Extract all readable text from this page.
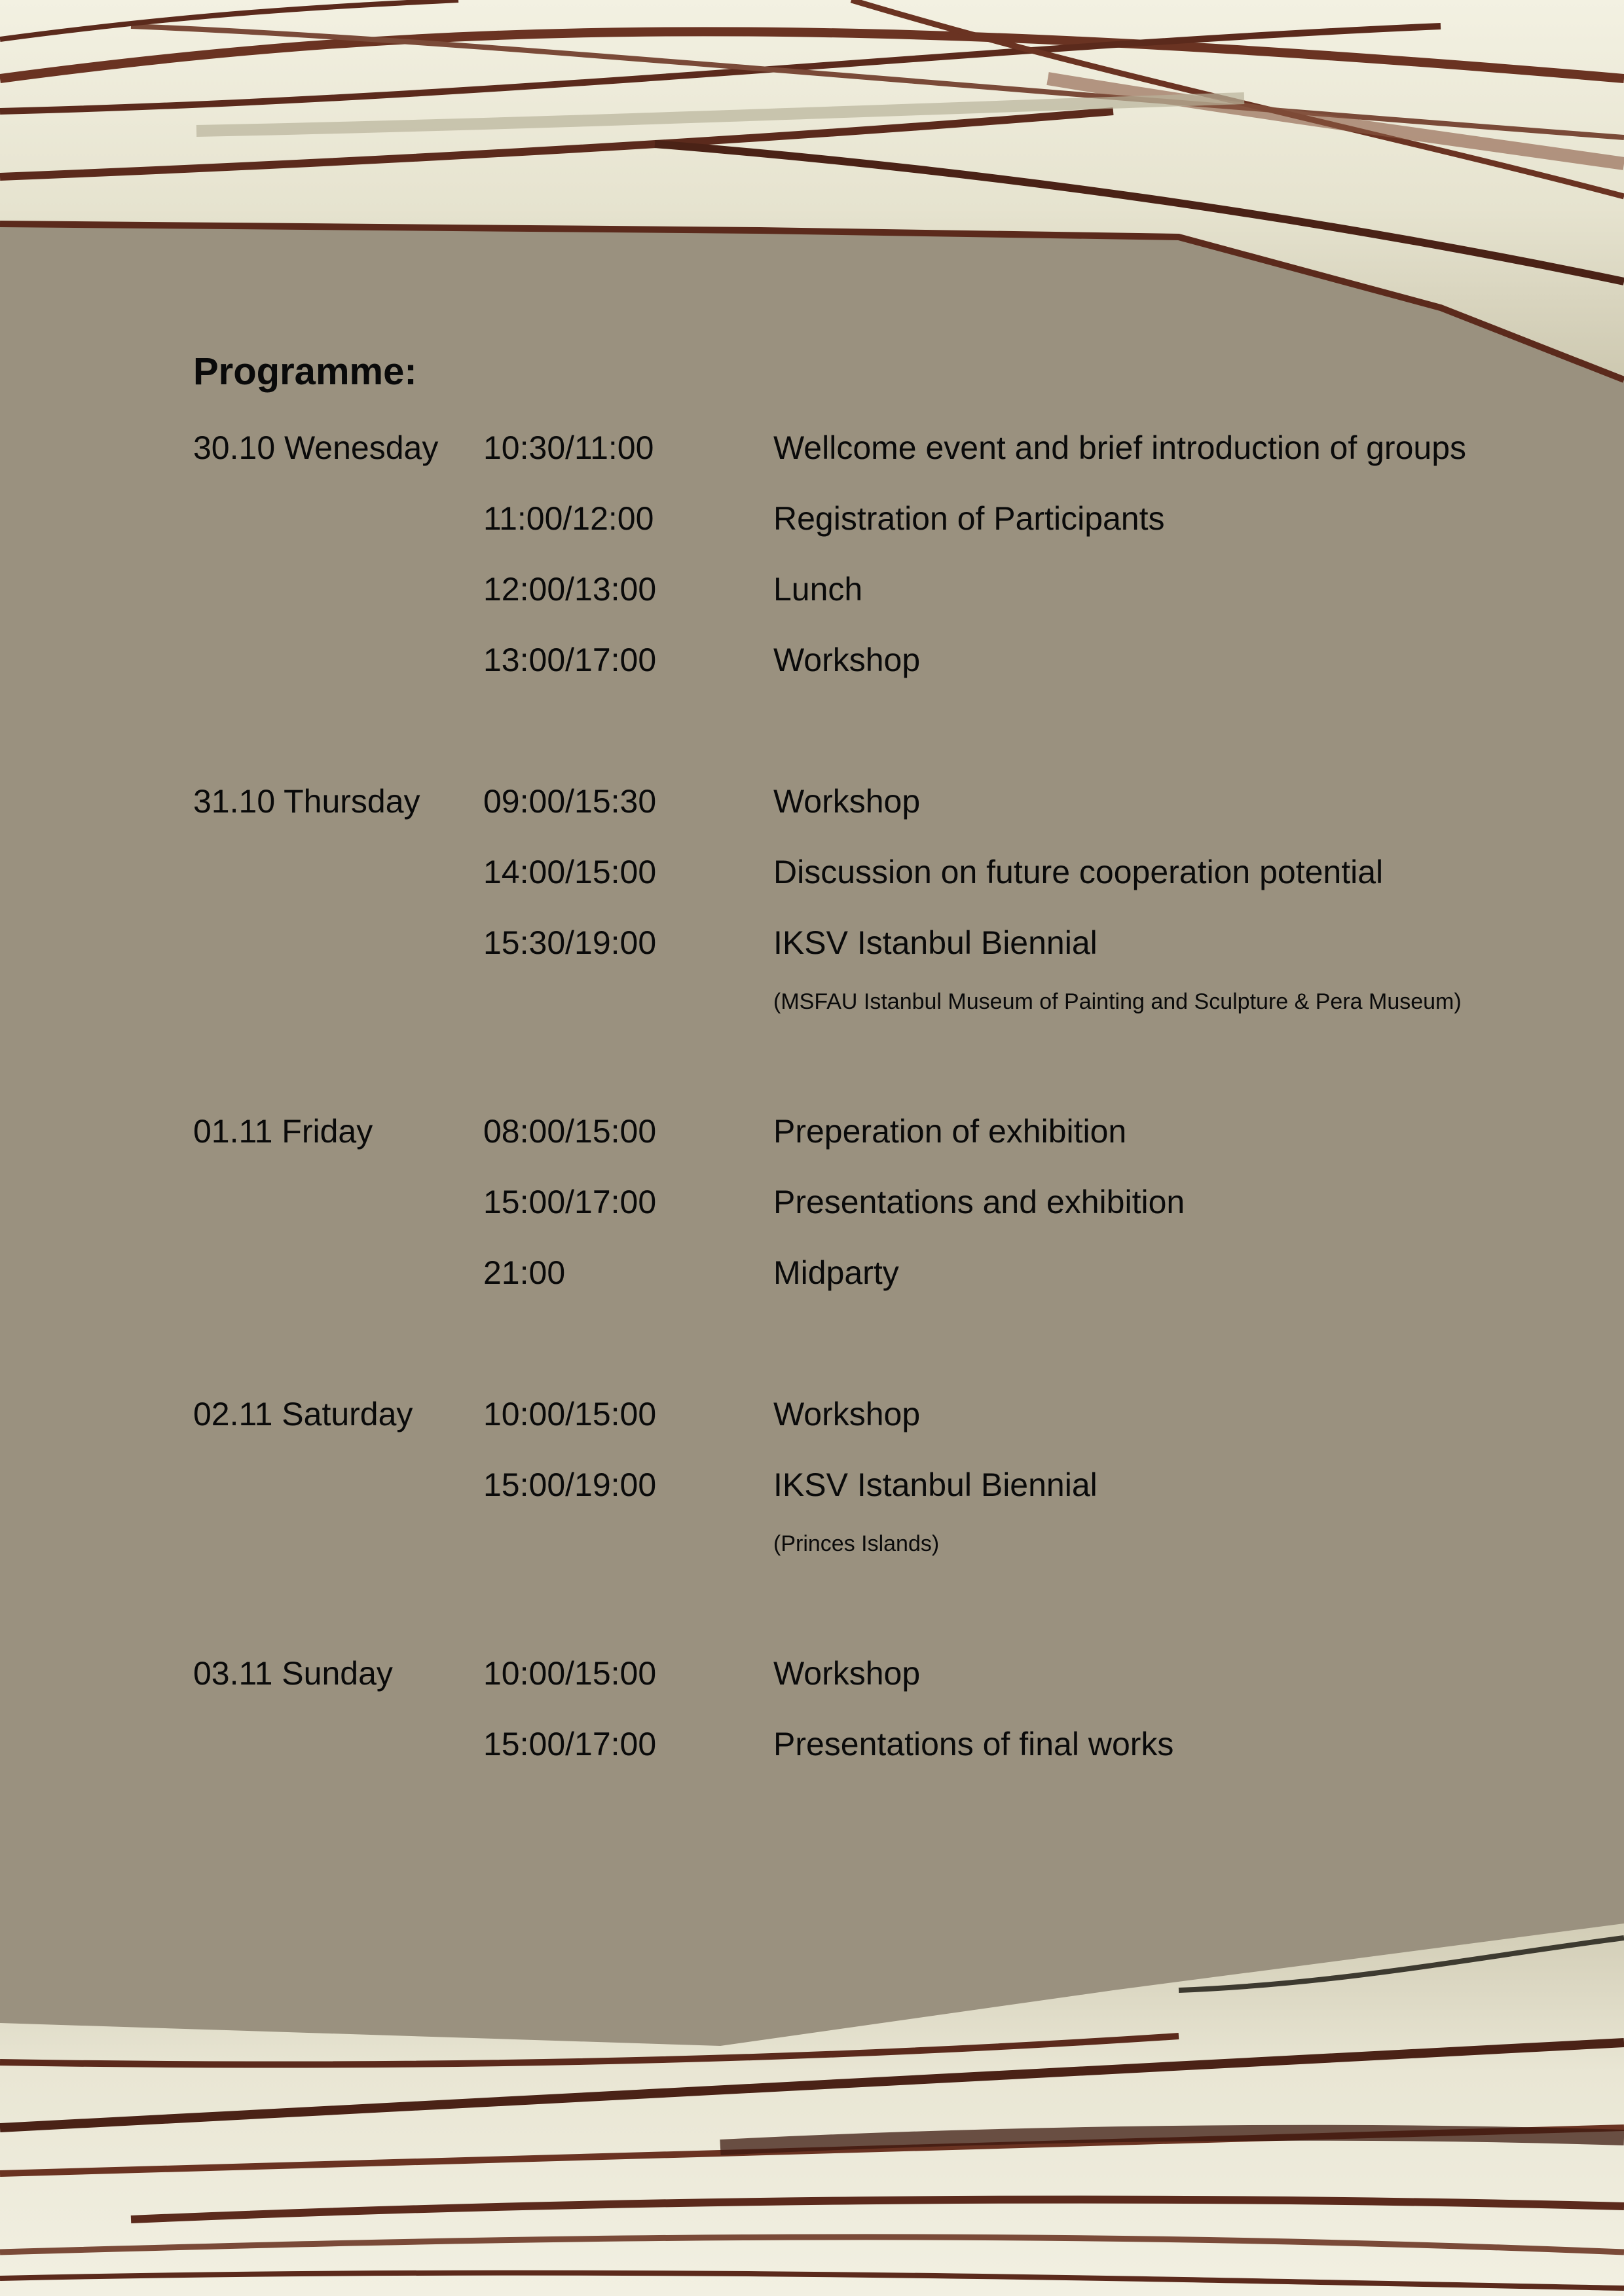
Programme:
30.10 Wenesday	10:30/11:00	Wellcome event and brief introduction of groups
11:00/12:00	Registration of Participants
12:00/13:00	Lunch
13:00/17:00	Workshop
31.10 Thursday	09:00/15:30	Workshop
14:00/15:00	Discussion on future cooperation potential
15:30/19:00	IKSV Istanbul Biennial
(MSFAU Istanbul Museum of Painting and Sculpture & Pera Museum)
01.11 Friday	08:00/15:00	Preperation of exhibition
15:00/17:00	Presentations and exhibition
21:00	Midparty
02.11 Saturday	10:00/15:00	Workshop
15:00/19:00	IKSV Istanbul Biennial
(Princes Islands)
03.11 Sunday	10:00/15:00	Workshop
15:00/17:00	Presentations of final works
